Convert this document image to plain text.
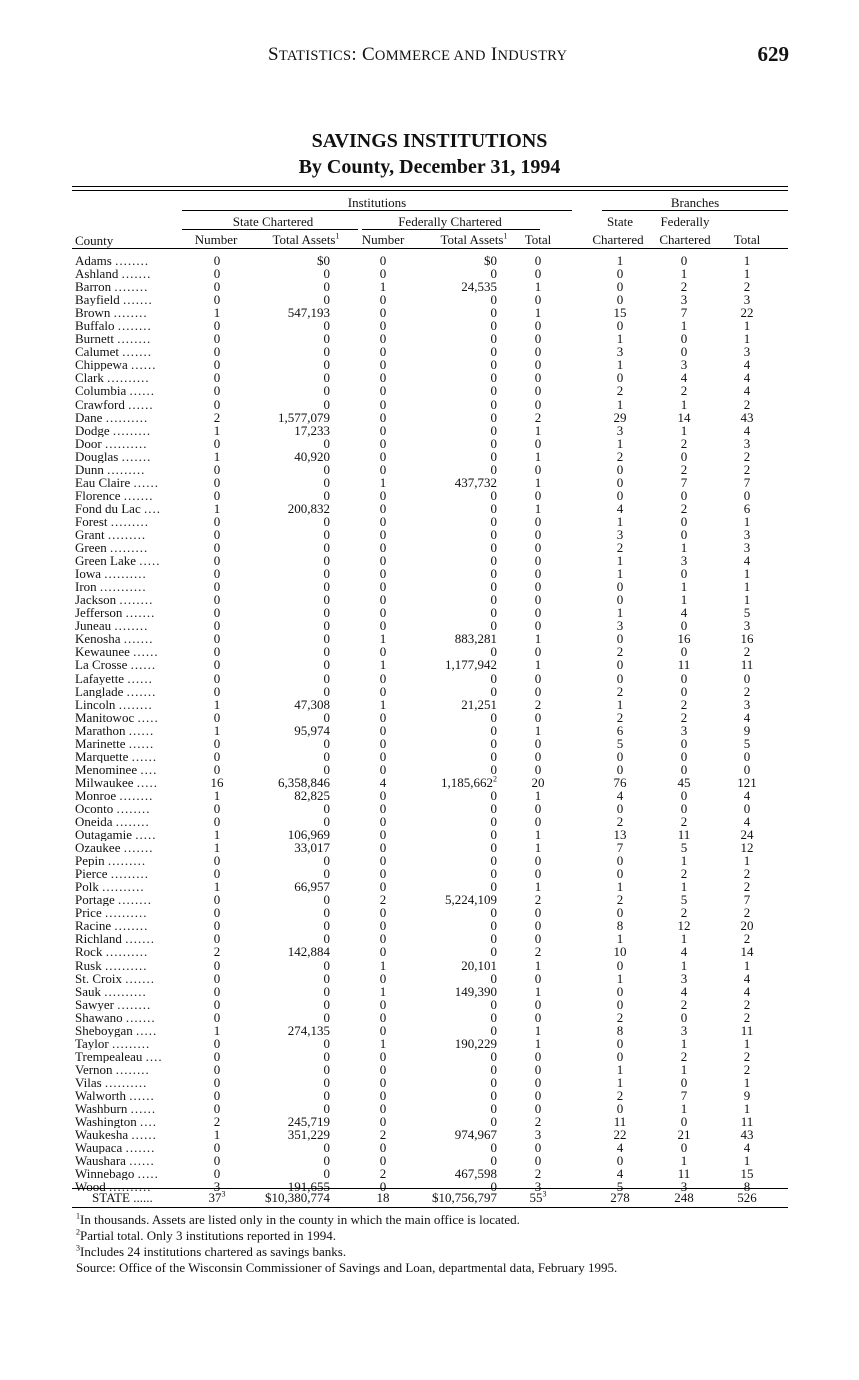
STATISTICS: COMMERCE AND INDUSTRY	629
SAVINGS INSTITUTIONS
By County, December 31, 1994
Institutions	Branches
State Chartered	Federally Chartered	State	Federally
County	Number	Total Assets$^1$	Number	Total Assets$^1$	Total	Chartered	Chartered	Total
Adams ........	0	$0	0	$0	0	1	0	1
Ashland .......	0	0	0	0	0	0	1	1
Barron ........	0	0	1	24,535	1	0	2	2
Bayfield .......	0	0	0	0	0	0	3	3
Brown ........	1	547,193	0	0	1	15	7	22
Buffalo ........	0	0	0	0	0	0	1	1
Burnett ........	0	0	0	0	0	1	0	1
Calumet .......	0	0	0	0	0	3	0	3
Chippewa ......	0	0	0	0	0	1	3	4
Clark ..........	0	0	0	0	0	0	4	4
Columbia ......	0	0	0	0	0	2	2	4
Crawford ......	0	0	0	0	0	1	1	2
Dane ..........	2	1,577,079	0	0	2	29	14	43
Dodge .........	1	17,233	0	0	1	3	1	4
Door ..........	0	0	0	0	0	1	2	3
Douglas .......	1	40,920	0	0	1	2	0	2
Dunn .........	0	0	0	0	0	0	2	2
Eau Claire ......	0	0	1	437,732	1	0	7	7
Florence .......	0	0	0	0	0	0	0	0
Fond du Lac ....	1	200,832	0	0	1	4	2	6
Forest .........	0	0	0	0	0	1	0	1
Grant .........	0	0	0	0	0	3	0	3
Green .........	0	0	0	0	0	2	1	3
Green Lake .....	0	0	0	0	0	1	3	4
Iowa ..........	0	0	0	0	0	1	0	1
Iron ...........	0	0	0	0	0	0	1	1
Jackson ........	0	0	0	0	0	0	1	1
Jefferson .......	0	0	0	0	0	1	4	5
Juneau ........	0	0	0	0	0	3	0	3
Kenosha .......	0	0	1	883,281	1	0	16	16
Kewaunee ......	0	0	0	0	0	2	0	2
La Crosse ......	0	0	1	1,177,942	1	0	11	11
Lafayette ......	0	0	0	0	0	0	0	0
Langlade .......	0	0	0	0	0	2	0	2
Lincoln ........	1	47,308	1	21,251	2	1	2	3
Manitowoc .....	0	0	0	0	0	2	2	4
Marathon ......	1	95,974	0	0	1	6	3	9
Marinette ......	0	0	0	0	0	5	0	5
Marquette ......	0	0	0	0	0	0	0	0
Menominee ....	0	0	0	0	0	0	0	0
Milwaukee .....	16	6,358,846	4	1,185,662$^2$	20	76	45	121
Monroe ........	1	82,825	0	0	1	4	0	4
Oconto ........	0	0	0	0	0	0	0	0
Oneida ........	0	0	0	0	0	2	2	4
Outagamie .....	1	106,969	0	0	1	13	11	24
Ozaukee .......	1	33,017	0	0	1	7	5	12
Pepin .........	0	0	0	0	0	0	1	1
Pierce .........	0	0	0	0	0	0	2	2
Polk ..........	1	66,957	0	0	1	1	1	2
Portage ........	0	0	2	5,224,109	2	2	5	7
Price ..........	0	0	0	0	0	0	2	2
Racine ........	0	0	0	0	0	8	12	20
Richland .......	0	0	0	0	0	1	1	2
Rock ..........	2	142,884	0	0	2	10	4	14
Rusk ..........	0	0	1	20,101	1	0	1	1
St. Croix .......	0	0	0	0	0	1	3	4
Sauk ..........	0	0	1	149,390	1	0	4	4
Sawyer ........	0	0	0	0	0	0	2	2
Shawano .......	0	0	0	0	0	2	0	2
Sheboygan .....	1	274,135	0	0	1	8	3	11
Taylor .........	0	0	1	190,229	1	0	1	1
Trempealeau ....	0	0	0	0	0	0	2	2
Vernon ........	0	0	0	0	0	1	1	2
Vilas ..........	0	0	0	0	0	1	0	1
Walworth ......	0	0	0	0	0	2	7	9
Washburn ......	0	0	0	0	0	0	1	1
Washington ....	2	245,719	0	0	2	11	0	11
Waukesha ......	1	351,229	2	974,967	3	22	21	43
Waupaca .......	0	0	0	0	0	4	0	4
Waushara ......	0	0	0	0	0	0	1	1
Winnebago .....	0	0	2	467,598	2	4	11	15
Wood ..........	3	191,655	0	0	3	5	3	8
STATE ......	$37^3$	$10,380,774	18	$10,756,797	$55^3$	278	248	526
$^1$In thousands. Assets are listed only in the county in which the main office is located.
$^2$Partial total. Only 3 institutions reported in 1994.
$^3$Includes 24 institutions chartered as savings banks.
Source: Office of the Wisconsin Commissioner of Savings and Loan, departmental data, February 1995.
